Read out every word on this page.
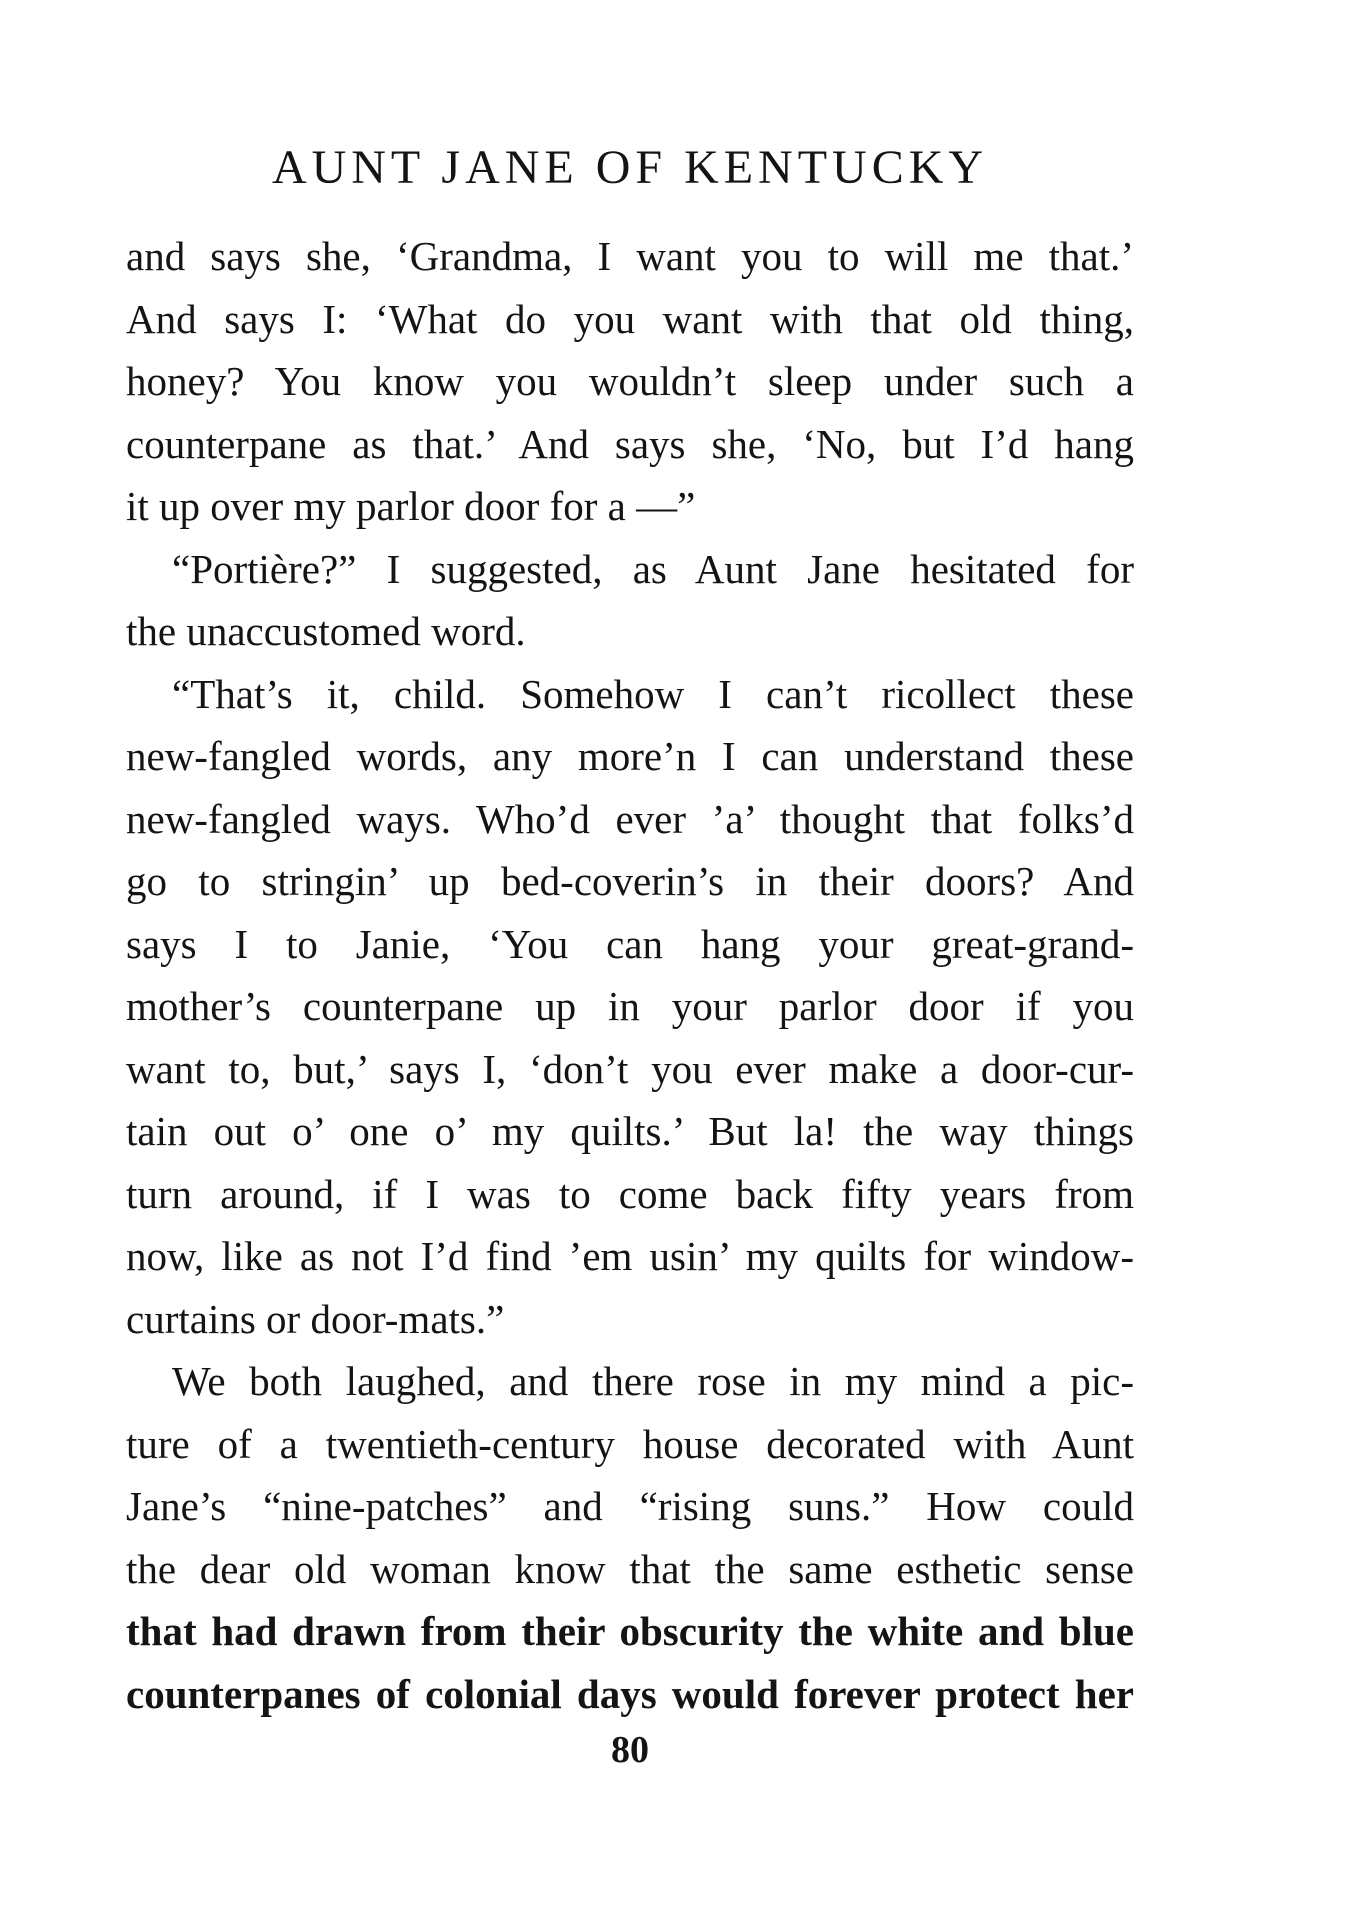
AUNT JANE OF KENTUCKY
and says she, ‘Grandma, I want you to will me that.’
And says I: ‘What do you want with that old thing,
honey? You know you wouldn’t sleep under such a
counterpane as that.’ And says she, ‘No, but I’d hang
it up over my parlor door for a —”
“Portière?” I suggested, as Aunt Jane hesitated for
the unaccustomed word.
“That’s it, child. Somehow I can’t ricollect these
new-fangled words, any more’n I can understand these
new-fangled ways. Who’d ever ’a’ thought that folks’d
go to stringin’ up bed-coverin’s in their doors? And
says I to Janie, ‘You can hang your great-grand-
mother’s counterpane up in your parlor door if you
want to, but,’ says I, ‘don’t you ever make a door-cur-
tain out o’ one o’ my quilts.’ But la! the way things
turn around, if I was to come back fifty years from
now, like as not I’d find ’em usin’ my quilts for window-
curtains or door-mats.”
We both laughed, and there rose in my mind a pic-
ture of a twentieth-century house decorated with Aunt
Jane’s “nine-patches” and “rising suns.” How could
the dear old woman know that the same esthetic sense
that had drawn from their obscurity the white and blue
counterpanes of colonial days would forever protect her
80
